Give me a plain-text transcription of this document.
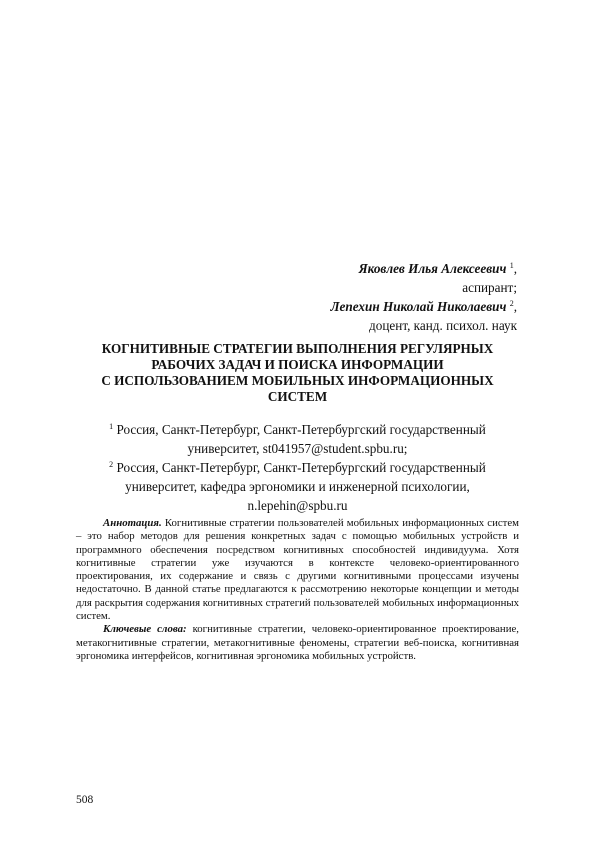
Яковлев Илья Алексеевич $^1$,
аспирант;
Лепехин Николай Николаевич $^2$,
доцент, канд. психол. наук
КОГНИТИВНЫЕ СТРАТЕГИИ ВЫПОЛНЕНИЯ РЕГУЛЯРНЫХ
РАБОЧИХ ЗАДАЧ И ПОИСКА ИНФОРМАЦИИ
С ИСПОЛЬЗОВАНИЕМ МОБИЛЬНЫХ ИНФОРМАЦИОННЫХ
СИСТЕМ
$^1$ Россия, Санкт-Петербург, Санкт-Петербургский государственный
университет, st041957@student.spbu.ru;
$^2$ Россия, Санкт-Петербург, Санкт-Петербургский государственный
университет, кафедра эргономики и инженерной психологии,
n.lepehin@spbu.ru

Аннотация. Когнитивные стратегии пользователей мобильных информационных систем – это набор методов для решения конкретных задач с помощью мобильных устройств и программного обеспечения посредством когнитивных способностей индивидуума. Хотя когнитивные стратегии уже изучаются в контексте человеко-ориентированного проектирования, их содержание и связь с другими когнитивными процессами изучены недостаточно. В данной статье предлагаются к рассмотрению некоторые концепции и методы для раскрытия содержания когнитивных стратегий пользователей мобильных информационных систем.

Ключевые слова: когнитивные стратегии, человеко-ориентированное проектирование, метакогнитивные стратегии, метакогнитивные феномены, стратегии веб-поиска, когнитивная эргономика интерфейсов, когнитивная эргономика мобильных устройств.

508
